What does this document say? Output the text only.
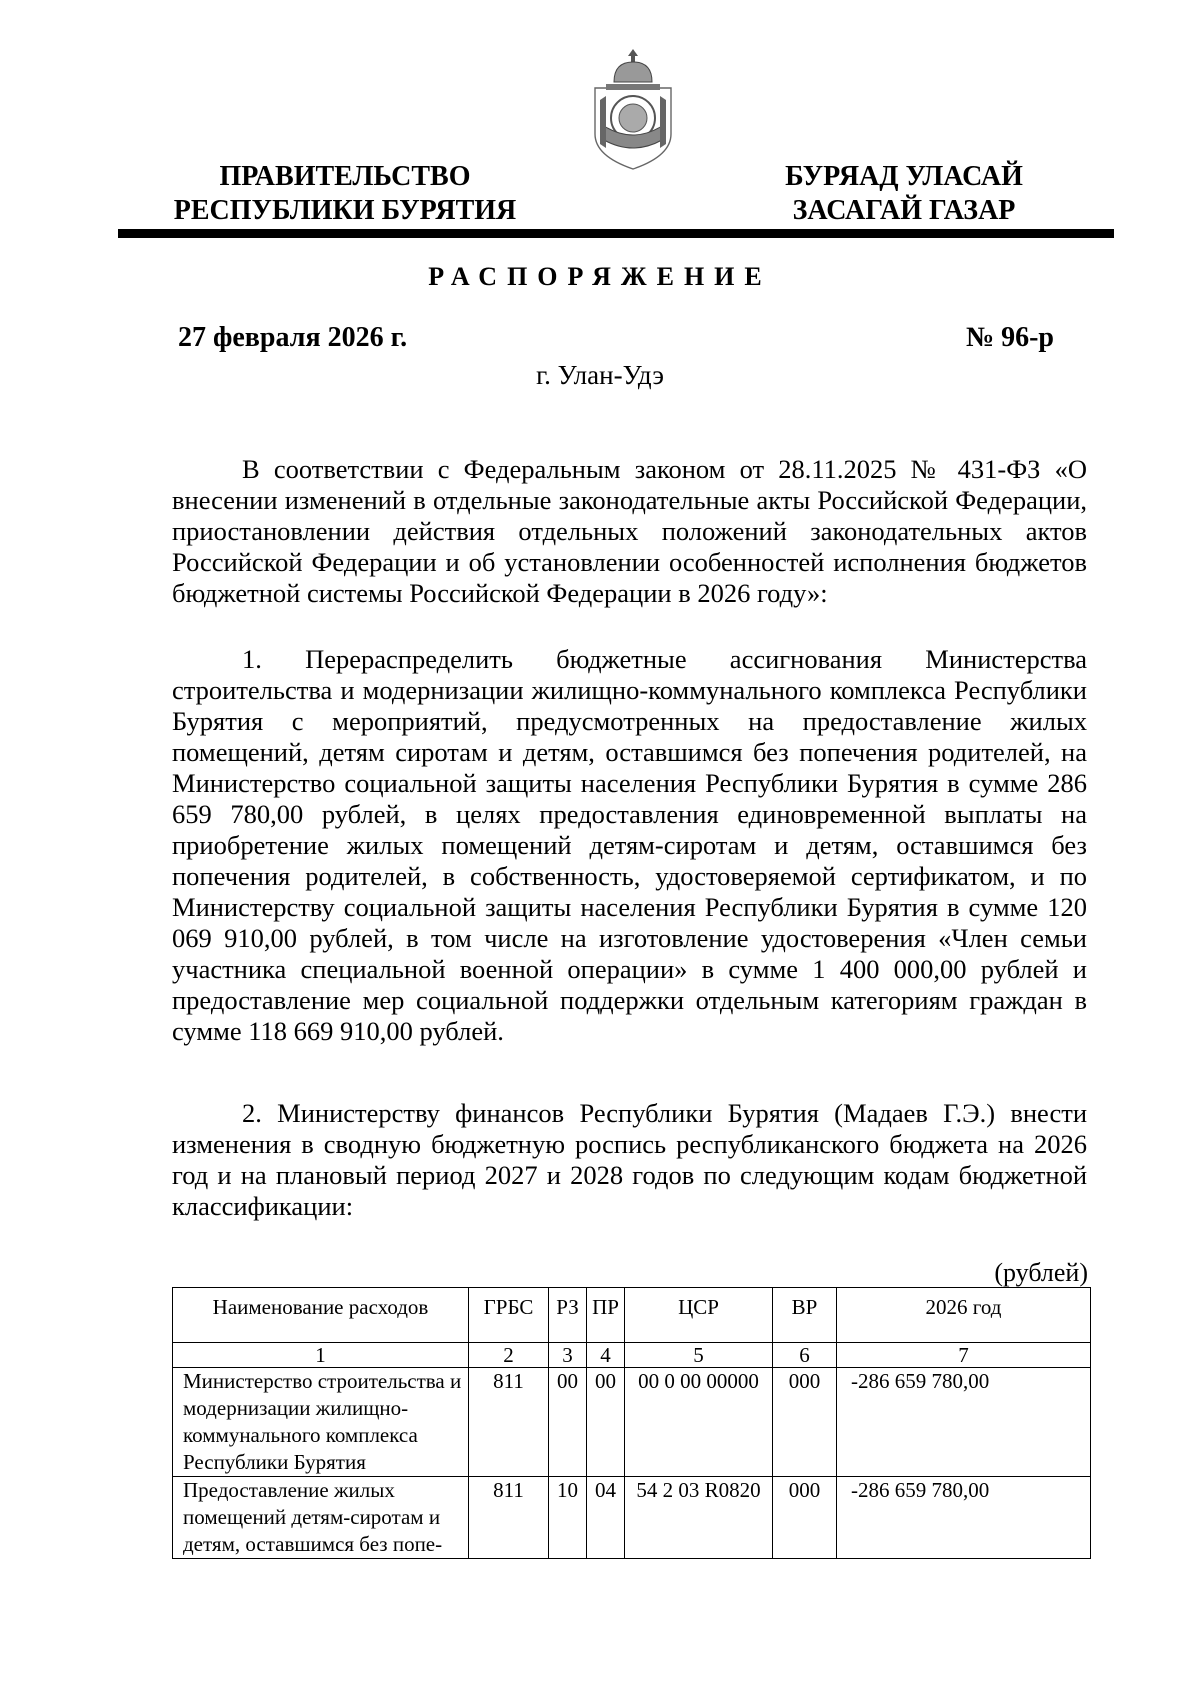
ПРАВИТЕЛЬСТВО
РЕСПУБЛИКИ БУРЯТИЯ
БУРЯАД УЛАСАЙ
ЗАСАГАЙ ГАЗАР
РАСПОРЯЖЕНИЕ
27 февраля 2026 г.	№ 96-р
г. Улан-Удэ

В соответствии с Федеральным законом от 28.11.2025 № 431-ФЗ «О внесении изменений в отдельные законодательные акты Российской Федерации, приостановлении действия отдельных положений законодательных актов Российской Федерации и об установлении особенностей исполнения бюджетов бюджетной системы Российской Федерации в 2026 году»:

1. Перераспределить бюджетные ассигнования Министерства строительства и модернизации жилищно-коммунального комплекса Республики Бурятия с мероприятий, предусмотренных на предоставление жилых помещений, детям сиротам и детям, оставшимся без попечения родителей, на Министерство социальной защиты населения Республики Бурятия в сумме 286 659 780,00 рублей, в целях предоставления единовременной выплаты на приобретение жилых помещений детям-сиротам и детям, оставшимся без попечения родителей, в собственность, удостоверяемой сертификатом, и по Министерству социальной защиты населения Республики Бурятия в сумме 120 069 910,00 рублей, в том числе на изготовление удостоверения «Член семьи участника специальной военной операции» в сумме 1 400 000,00 рублей и предоставление мер социальной поддержки отдельным категориям граждан в сумме 118 669 910,00 рублей.

2. Министерству финансов Республики Бурятия (Мадаев Г.Э.) внести изменения в сводную бюджетную роспись республиканского бюджета на 2026 год и на плановый период 2027 и 2028 годов по следующим кодам бюджетной классификации:

(рублей)
Наименование расходов	ГРБС	РЗ	ПР	ЦСР	ВР	2026 год
1	2	3	4	5	6	7
Министерство строительства и модернизации жилищно-коммунального комплекса Республики Бурятия	811	00	00	00 0 00 00000	000	-286 659 780,00
Предоставление жилых помещений детям-сиротам и детям, оставшимся без попе-	811	10	04	54 2 03 R0820	000	-286 659 780,00
